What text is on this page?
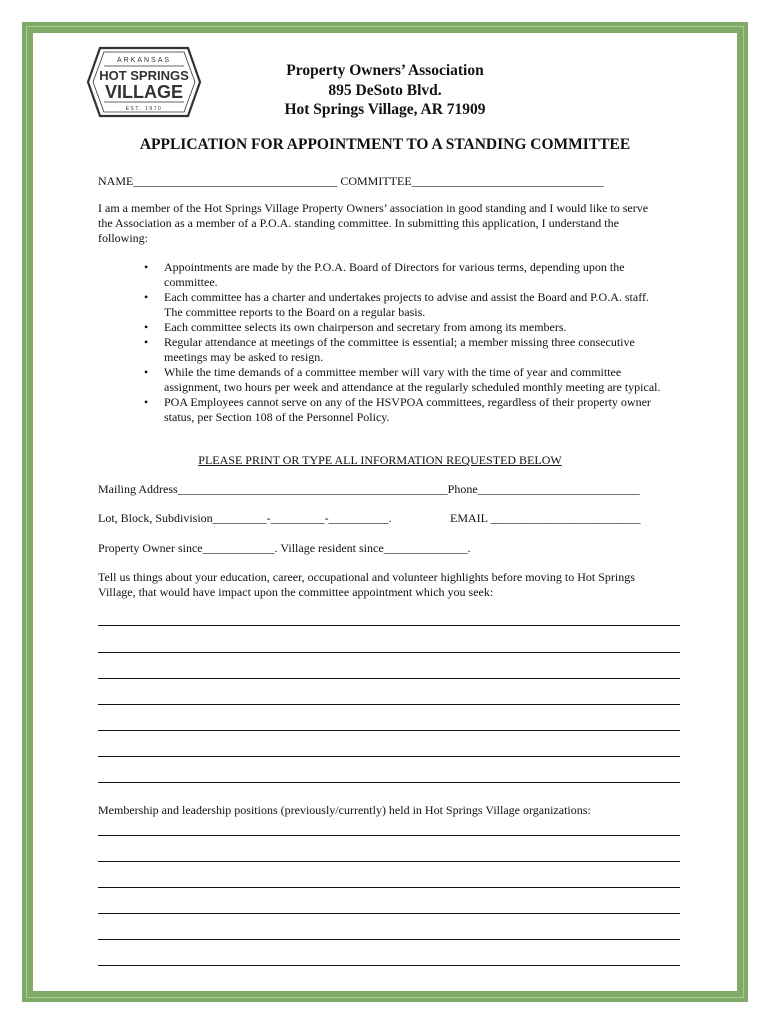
ARKANSAS
HOT SPRINGS
VILLAGE
EST. 1970
Property Owners’ Association
895 DeSoto Blvd.
Hot Springs Village, AR 71909
APPLICATION FOR APPOINTMENT TO A STANDING COMMITTEE
NAME__________________________________ COMMITTEE________________________________
I am a member of the Hot Springs Village Property Owners’ association in good standing and I would like to serve the Association as a member of a P.O.A. standing committee. In submitting this application, I understand the following:
• Appointments are made by the P.O.A. Board of Directors for various terms, depending upon the committee.
• Each committee has a charter and undertakes projects to advise and assist the Board and P.O.A. staff. The committee reports to the Board on a regular basis.
• Each committee selects its own chairperson and secretary from among its members.
• Regular attendance at meetings of the committee is essential; a member missing three consecutive meetings may be asked to resign.
• While the time demands of a committee member will vary with the time of year and committee assignment, two hours per week and attendance at the regularly scheduled monthly meeting are typical.
• POA Employees cannot serve on any of the HSVPOA committees, regardless of their property owner status, per Section 108 of the Personnel Policy.
PLEASE PRINT OR TYPE ALL INFORMATION REQUESTED BELOW
Mailing Address_____________________________________________Phone___________________________
Lot, Block, Subdivision_________-_________-__________.	EMAIL _________________________
Property Owner since____________. Village resident since______________.
Tell us things about your education, career, occupational and volunteer highlights before moving to Hot Springs Village, that would have impact upon the committee appointment which you seek:
Membership and leadership positions (previously/currently) held in Hot Springs Village organizations:
